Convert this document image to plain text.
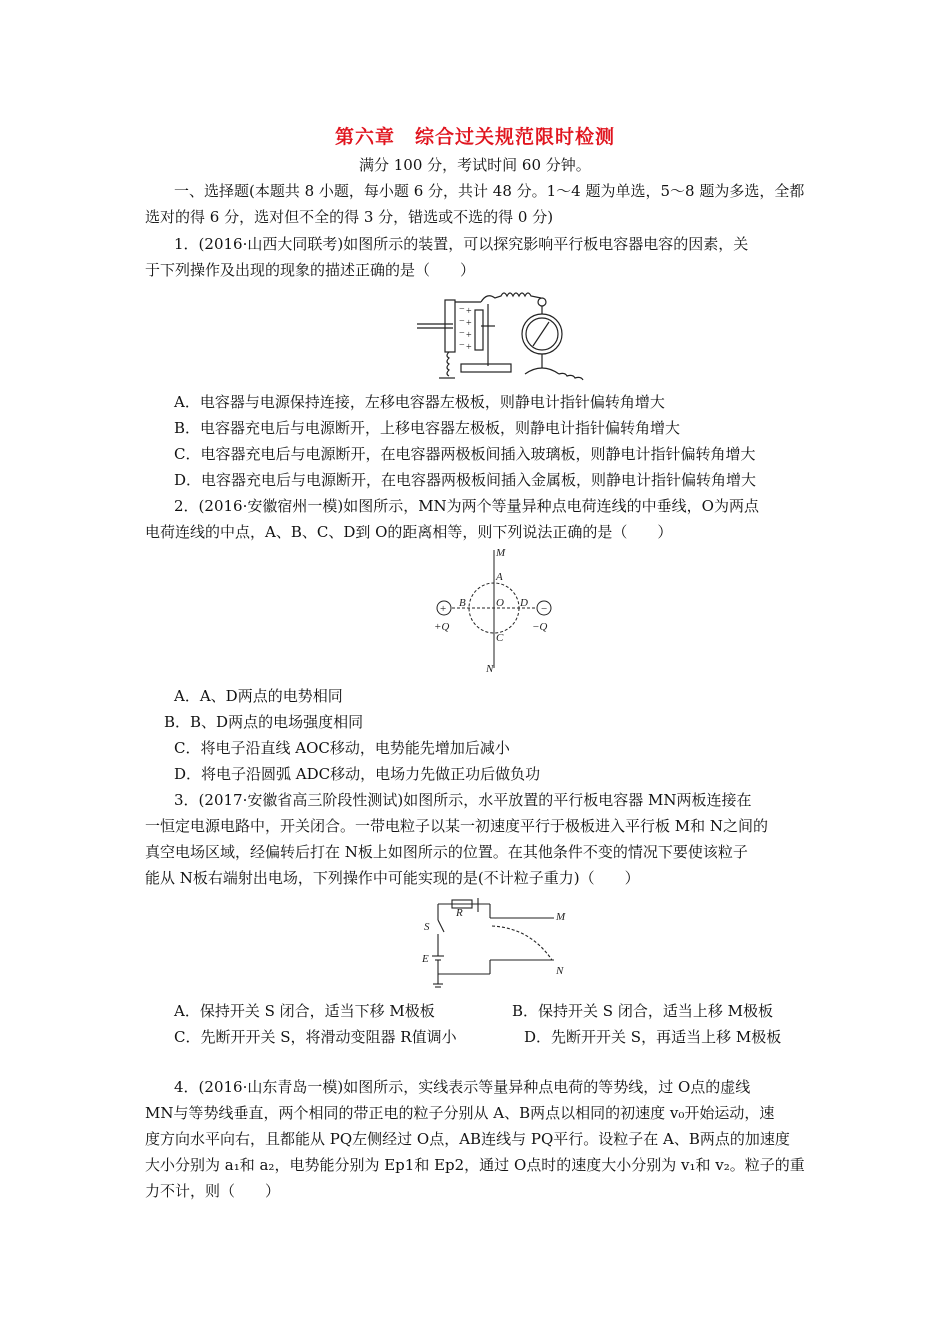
第六章　综合过关规范限时检测
满分 100 分，考试时间 60 分钟。
一、选择题(本题共 8 小题，每小题 6 分，共计 48 分。1～4 题为单选，5～8 题为多选，全都
选对的得 6 分，选对但不全的得 3 分，错选或不选的得 0 分)
1．(2016·山西大同联考)如图所示的装置，可以探究影响平行板电容器电容的因素，关
于下列操作及出现的现象的描述正确的是（　　）
−
−
−
−
+
+
+
+
A．电容器与电源保持连接，左移电容器左极板，则静电计指针偏转角增大
B．电容器充电后与电源断开，上移电容器左极板，则静电计指针偏转角增大
C．电容器充电后与电源断开，在电容器两极板间插入玻璃板，则静电计指针偏转角增大
D．电容器充电后与电源断开，在电容器两极板间插入金属板，则静电计指针偏转角增大
2．(2016·安徽宿州一模)如图所示，MN为两个等量异种点电荷连线的中垂线，O为两点
电荷连线的中点，A、B、C、D到 O的距离相等，则下列说法正确的是（　　）
M
A
B	O D
C
N
+	−
+Q	−Q
A．A、D两点的电势相同
B．B、D两点的电场强度相同
C．将电子沿直线 AOC移动，电势能先增加后减小
D．将电子沿圆弧 ADC移动，电场力先做正功后做负功
3．(2017·安徽省高三阶段性测试)如图所示，水平放置的平行板电容器 MN两板连接在
一恒定电源电路中，开关闭合。一带电粒子以某一初速度平行于极板进入平行板 M和 N之间的
真空电场区域，经偏转后打在 N板上如图所示的位置。在其他条件不变的情况下要使该粒子
能从 N板右端射出电场，下列操作中可能实现的是(不计粒子重力)（　　）
R
S
E
M
N
A．保持开关 S 闭合，适当下移 M极板	B．保持开关 S 闭合，适当上移 M极板
C．先断开开关 S，将滑动变阻器 R值调小	D．先断开开关 S，再适当上移 M极板
4．(2016·山东青岛一模)如图所示，实线表示等量异种点电荷的等势线，过 O点的虚线
MN与等势线垂直，两个相同的带正电的粒子分别从 A、B两点以相同的初速度 v₀开始运动，速
度方向水平向右，且都能从 PQ左侧经过 O点，AB连线与 PQ平行。设粒子在 A、B两点的加速度
大小分别为 a₁和 a₂，电势能分别为 Ep1和 Ep2，通过 O点时的速度大小分别为 v₁和 v₂。粒子的重
力不计，则（　　）
